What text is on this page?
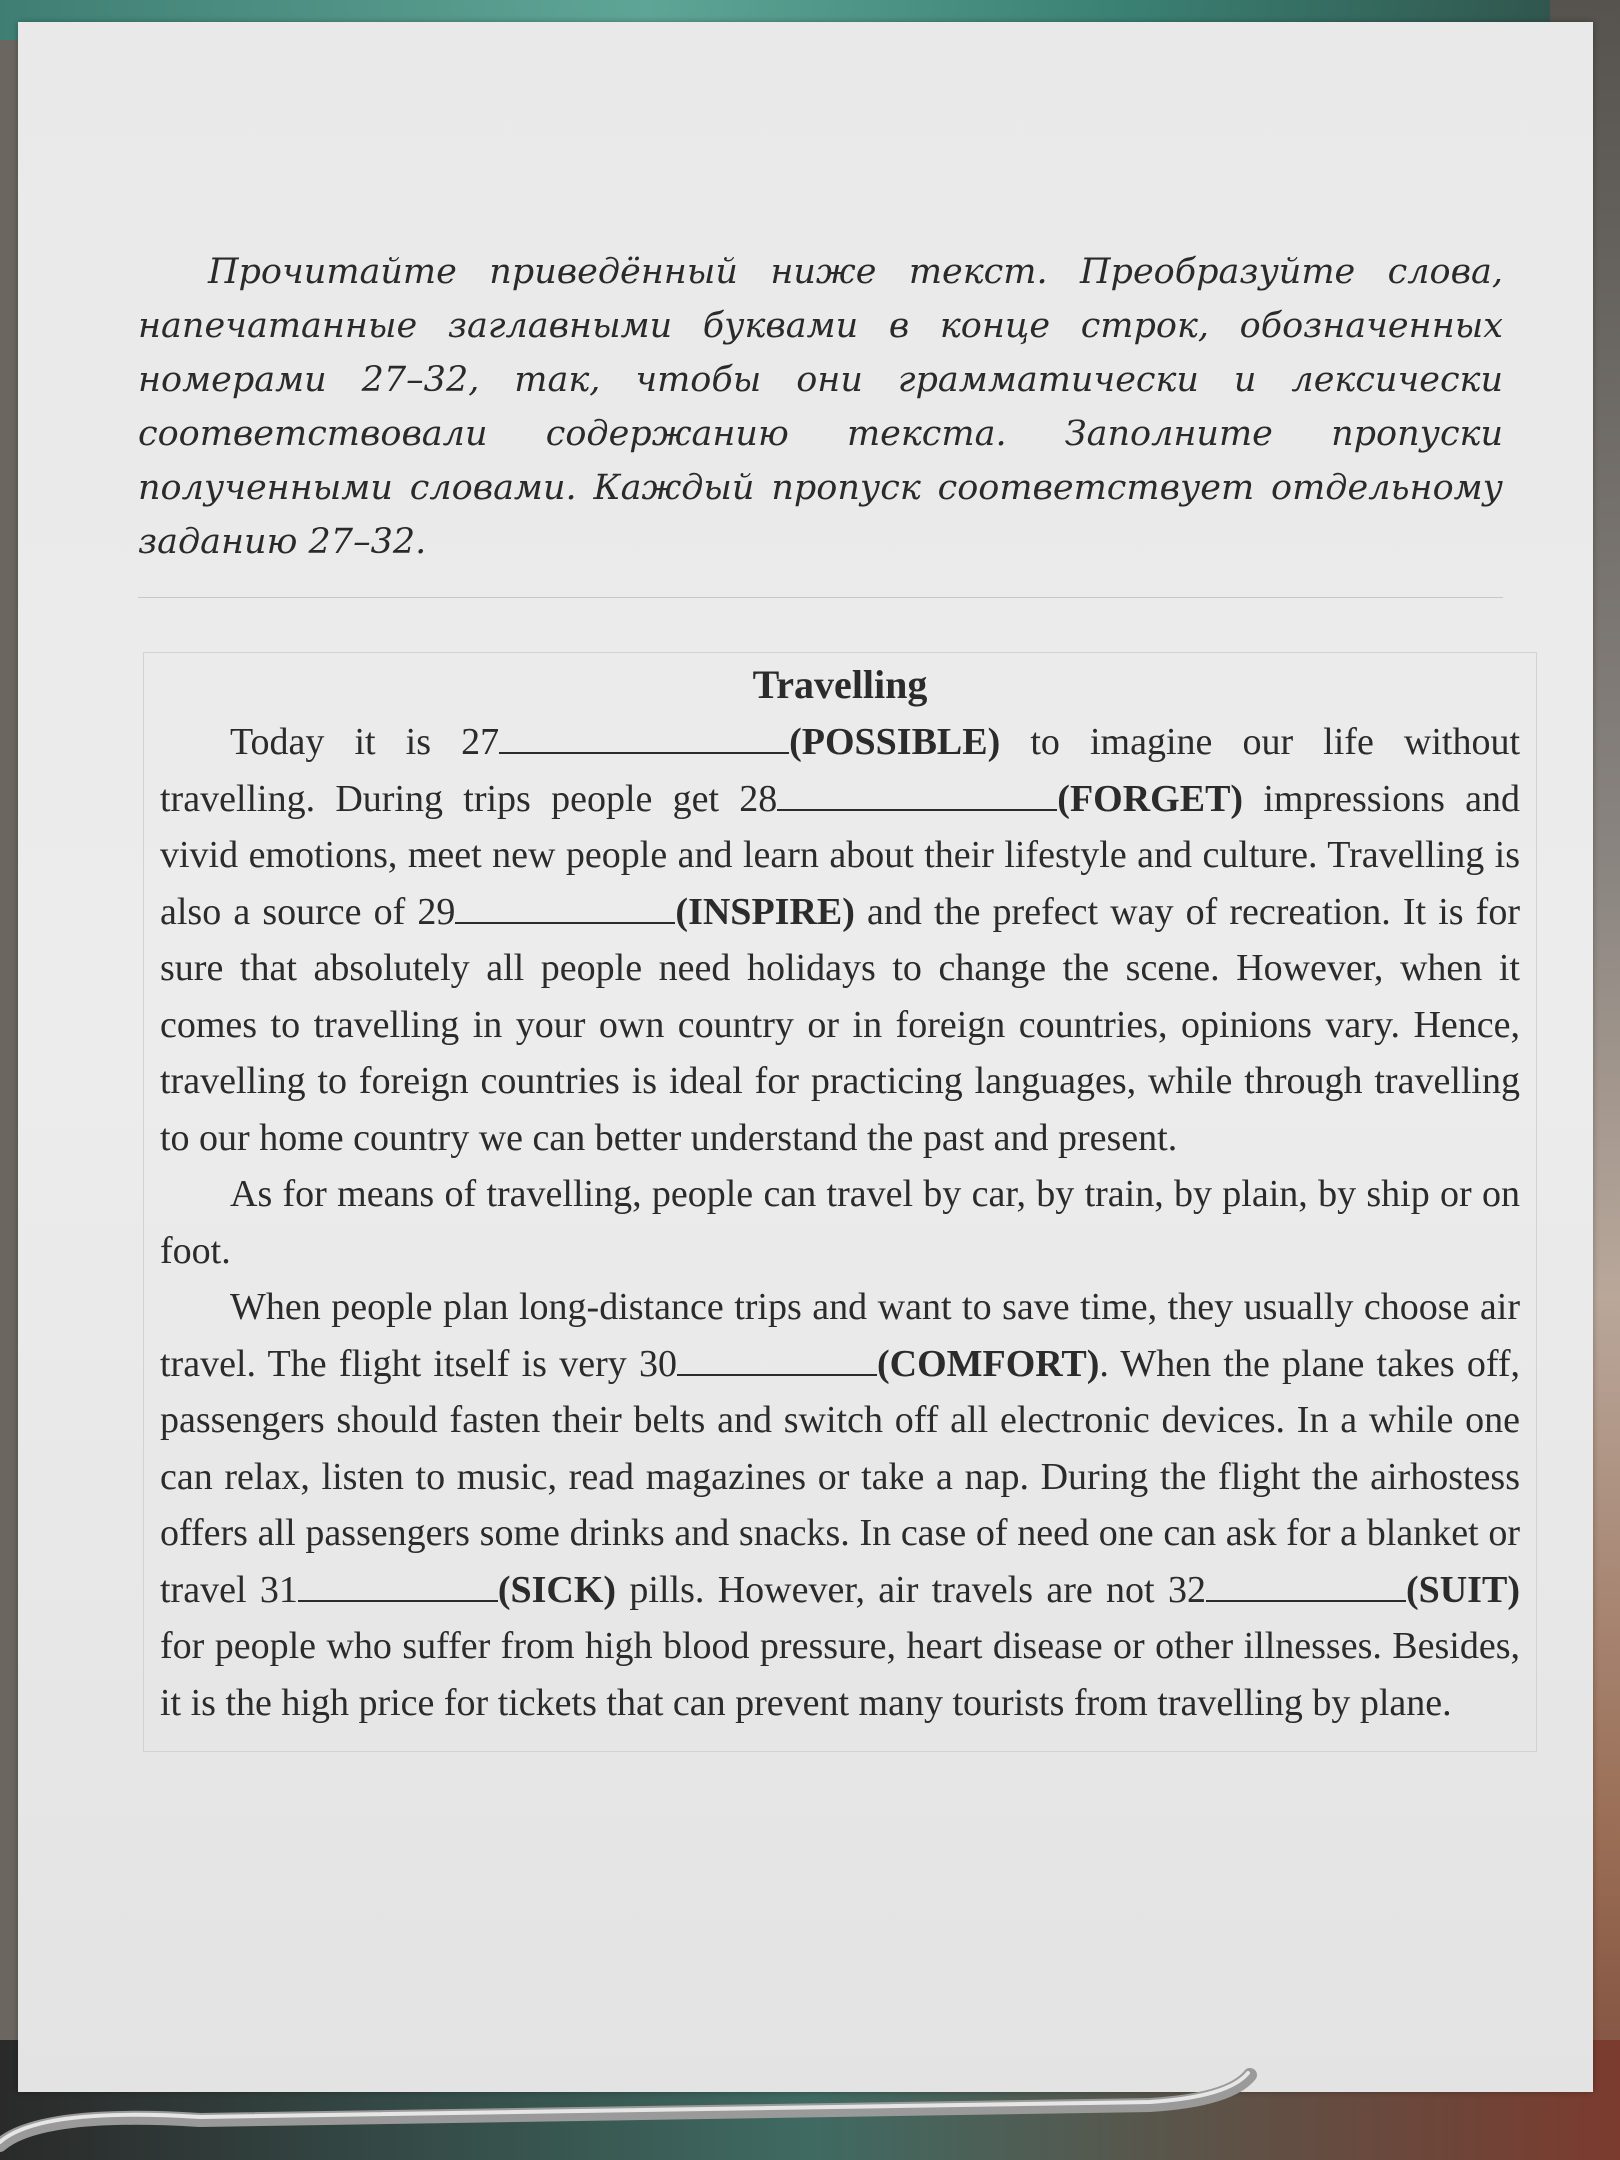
Прочитайте приведённый ниже текст. Преобразуйте слова, напечатанные заглавными буквами в конце строк, обозначенных номерами 27–32, так, чтобы они грамматически и лексически соответствовали содержанию текста. Заполните пропуски полученными словами. Каждый пропуск соответствует отдельному заданию 27–32.

Travelling

Today it is 27	(POSSIBLE) to imagine our life without travelling. During trips people get 28	(FORGET) impressions and vivid emotions, meet new people and learn about their lifestyle and culture. Travelling is also a source of 29	(INSPIRE) and the prefect way of recreation. It is for sure that absolutely all people need holidays to change the scene. However, when it comes to travelling in your own country or in foreign countries, opinions vary. Hence, travelling to foreign countries is ideal for practicing languages, while through travelling to our home country we can better understand the past and present.

As for means of travelling, people can travel by car, by train, by plain, by ship or on foot.

When people plan long-distance trips and want to save time, they usually choose air travel. The flight itself is very 30	(COMFORT). When the plane takes off, passengers should fasten their belts and switch off all electronic devices. In a while one can relax, listen to music, read magazines or take a nap. During the flight the airhostess offers all passengers some drinks and snacks. In case of need one can ask for a blanket or travel 31	(SICK) pills. However, air travels are not 32	(SUIT) for people who suffer from high blood pressure, heart disease or other illnesses. Besides, it is the high price for tickets that can prevent many tourists from travelling by plane.
